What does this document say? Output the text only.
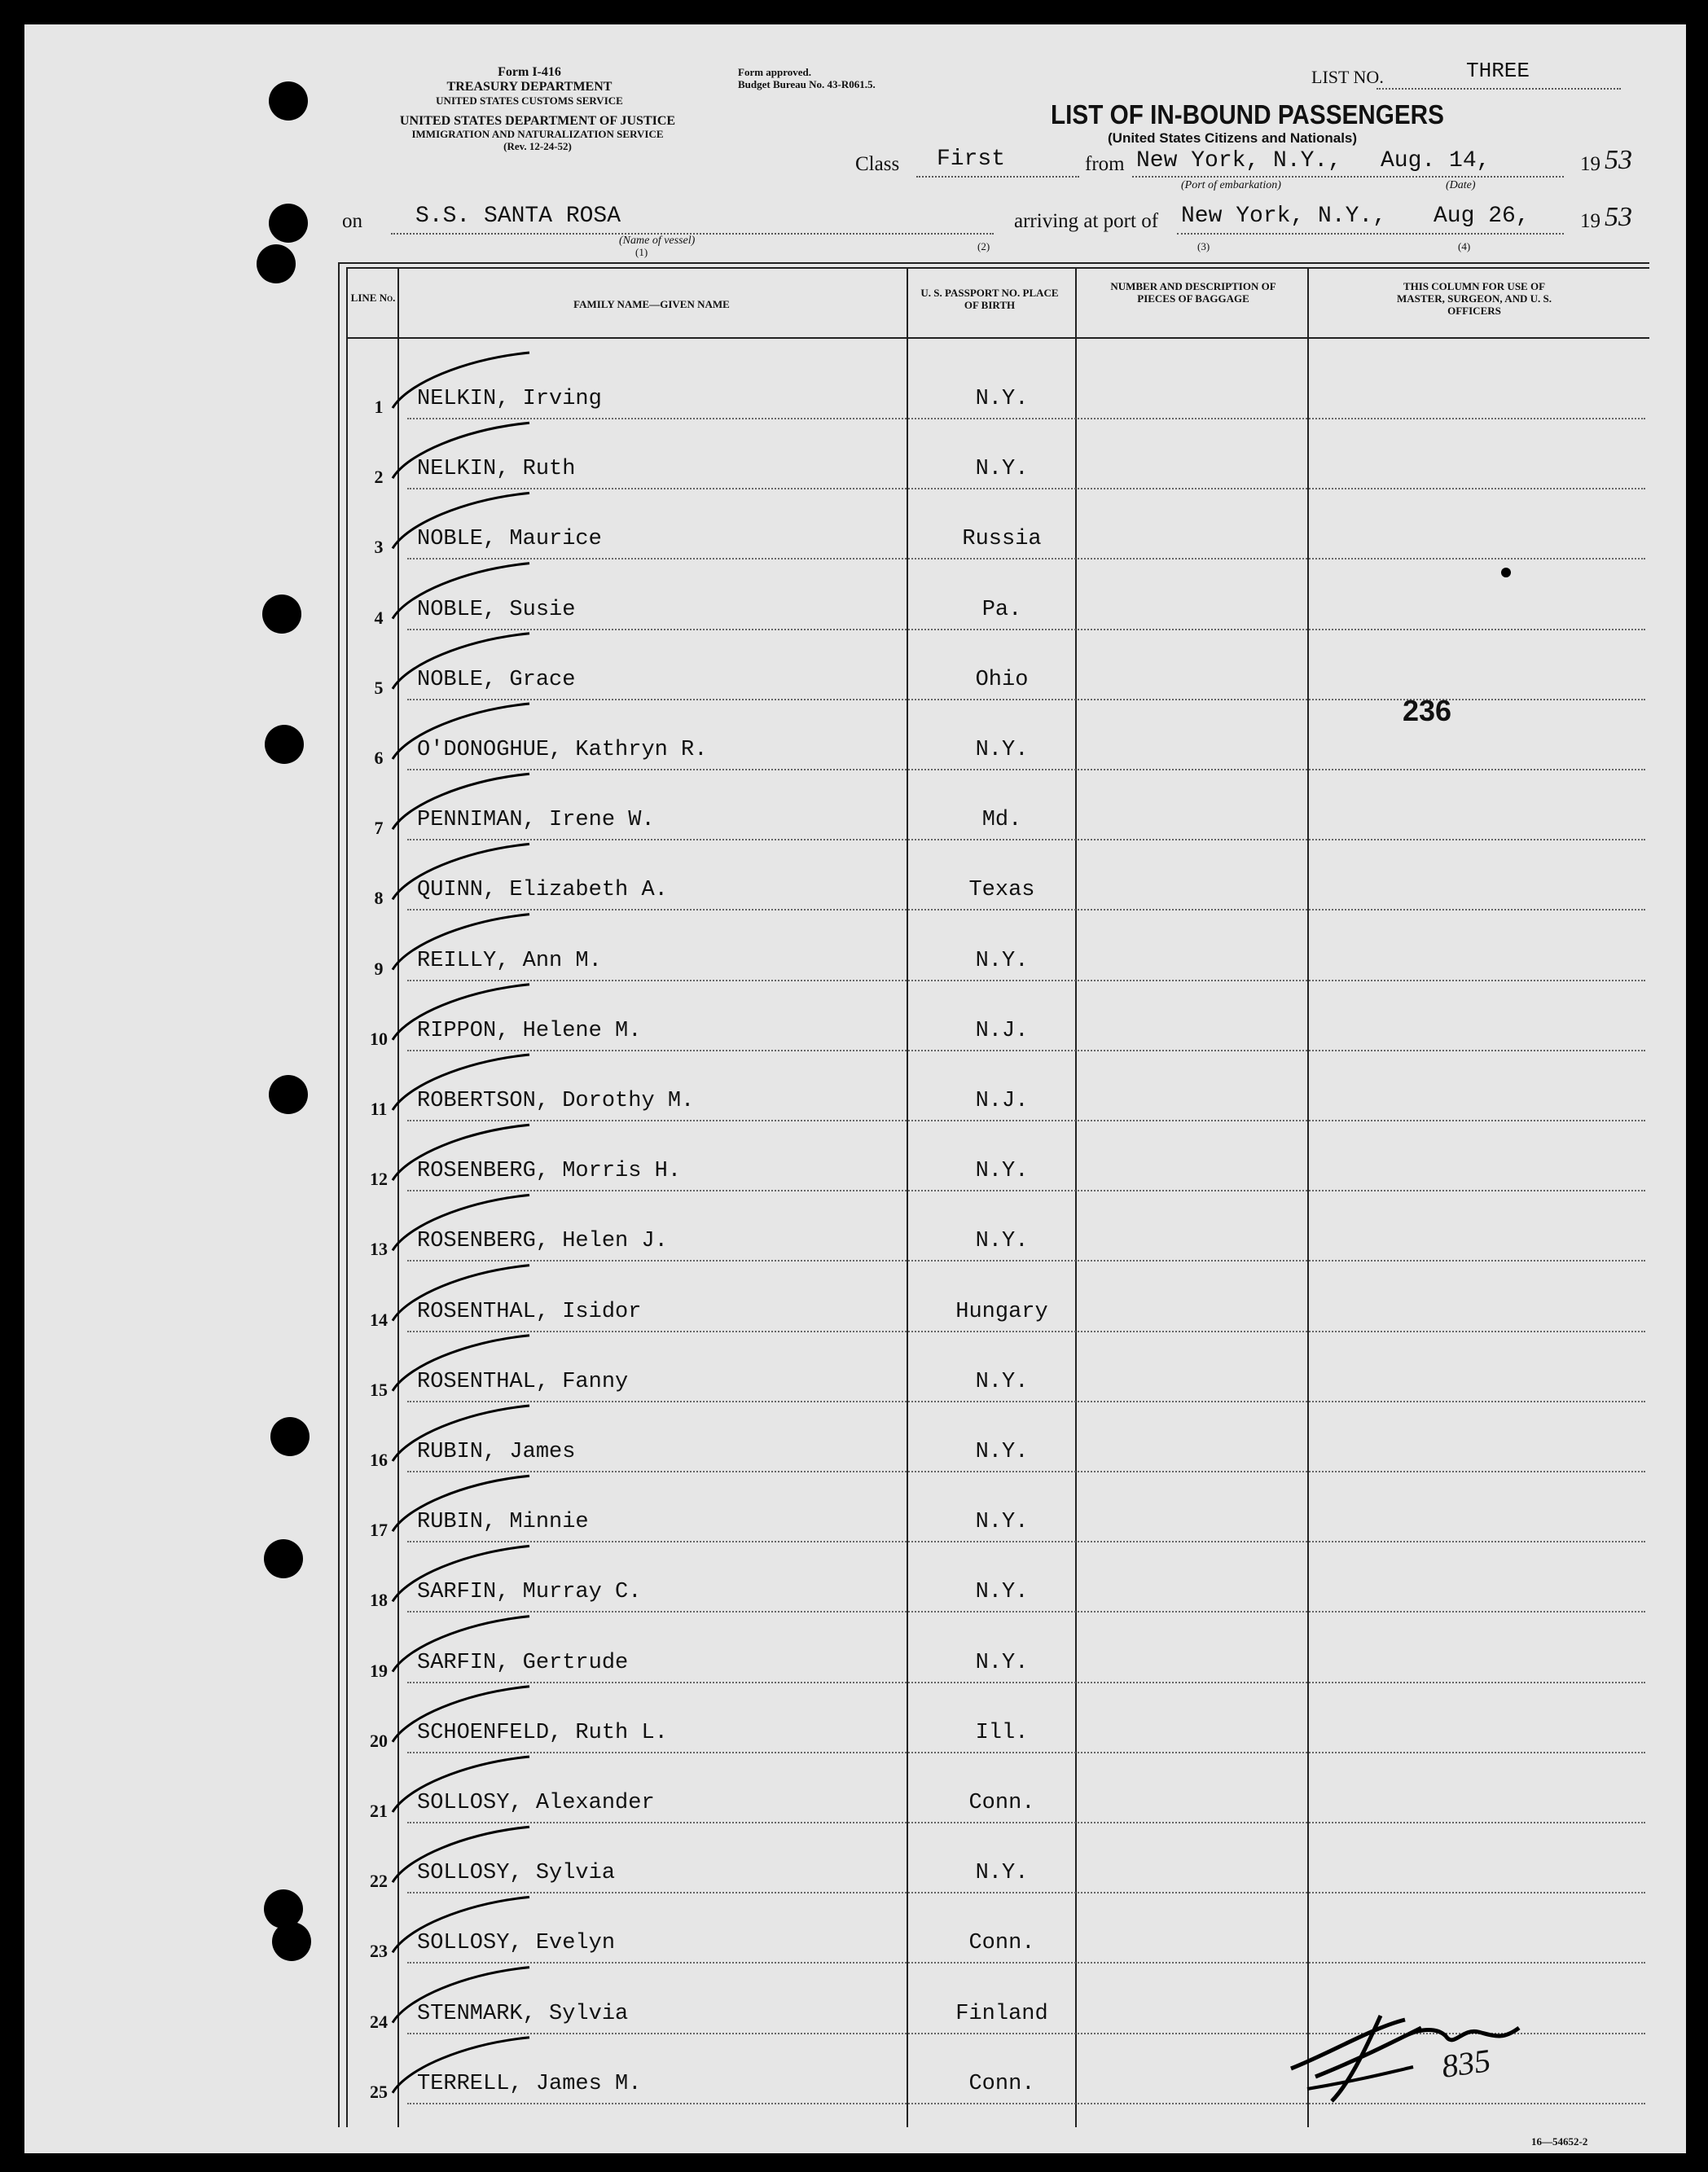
Form I-416
TREASURY DEPARTMENT
UNITED STATES CUSTOMS SERVICE
UNITED STATES DEPARTMENT OF JUSTICE
IMMIGRATION AND NATURALIZATION SERVICE
(Rev. 12-24-52)
Form approved.
Budget Bureau No. 43-R061.5.	LIST NO.	THREE
LIST OF IN-BOUND PASSENGERS
(United States Citizens and Nationals)
Class First	from New York, N.Y., Aug. 14,	19 53
(Port of embarkation)	(Date)
on S.S. SANTA ROSA
(Name of vessel)
arriving at port of New York, N.Y., Aug 26, 19 53
(1)	(2)	(3)	(4)
LINE No.
FAMILY NAME—GIVEN NAME
U. S. PASSPORT NO. PLACE OF BIRTH
NUMBER AND DESCRIPTION OF PIECES OF BAGGAGE
THIS COLUMN FOR USE OF MASTER, SURGEON, AND U. S. OFFICERS
1	NELKIN, Irving	N.Y.
2	NELKIN, Ruth	N.Y.
3	NOBLE, Maurice	Russia
4	NOBLE, Susie	Pa.
5	NOBLE, Grace	Ohio
6	O'DONOGHUE, Kathryn R.	N.Y.
7	PENNIMAN, Irene W.	Md.
8	QUINN, Elizabeth A.	Texas
9	REILLY, Ann M.	N.Y.
10	RIPPON, Helene M.	N.J.
11	ROBERTSON, Dorothy M.	N.J.
12	ROSENBERG, Morris H.	N.Y.
13	ROSENBERG, Helen J.	N.Y.
14	ROSENTHAL, Isidor	Hungary
15	ROSENTHAL, Fanny	N.Y.
16	RUBIN, James	N.Y.
17	RUBIN, Minnie	N.Y.
18	SARFIN, Murray C.	N.Y.
19	SARFIN, Gertrude	N.Y.
20	SCHOENFELD, Ruth L.	Ill.
21	SOLLOSY, Alexander	Conn.
22	SOLLOSY, Sylvia	N.Y.
23	SOLLOSY, Evelyn	Conn.
24	STENMARK, Sylvia	Finland
25	TERRELL, James M.	Conn.
236
835
16—54652-2
